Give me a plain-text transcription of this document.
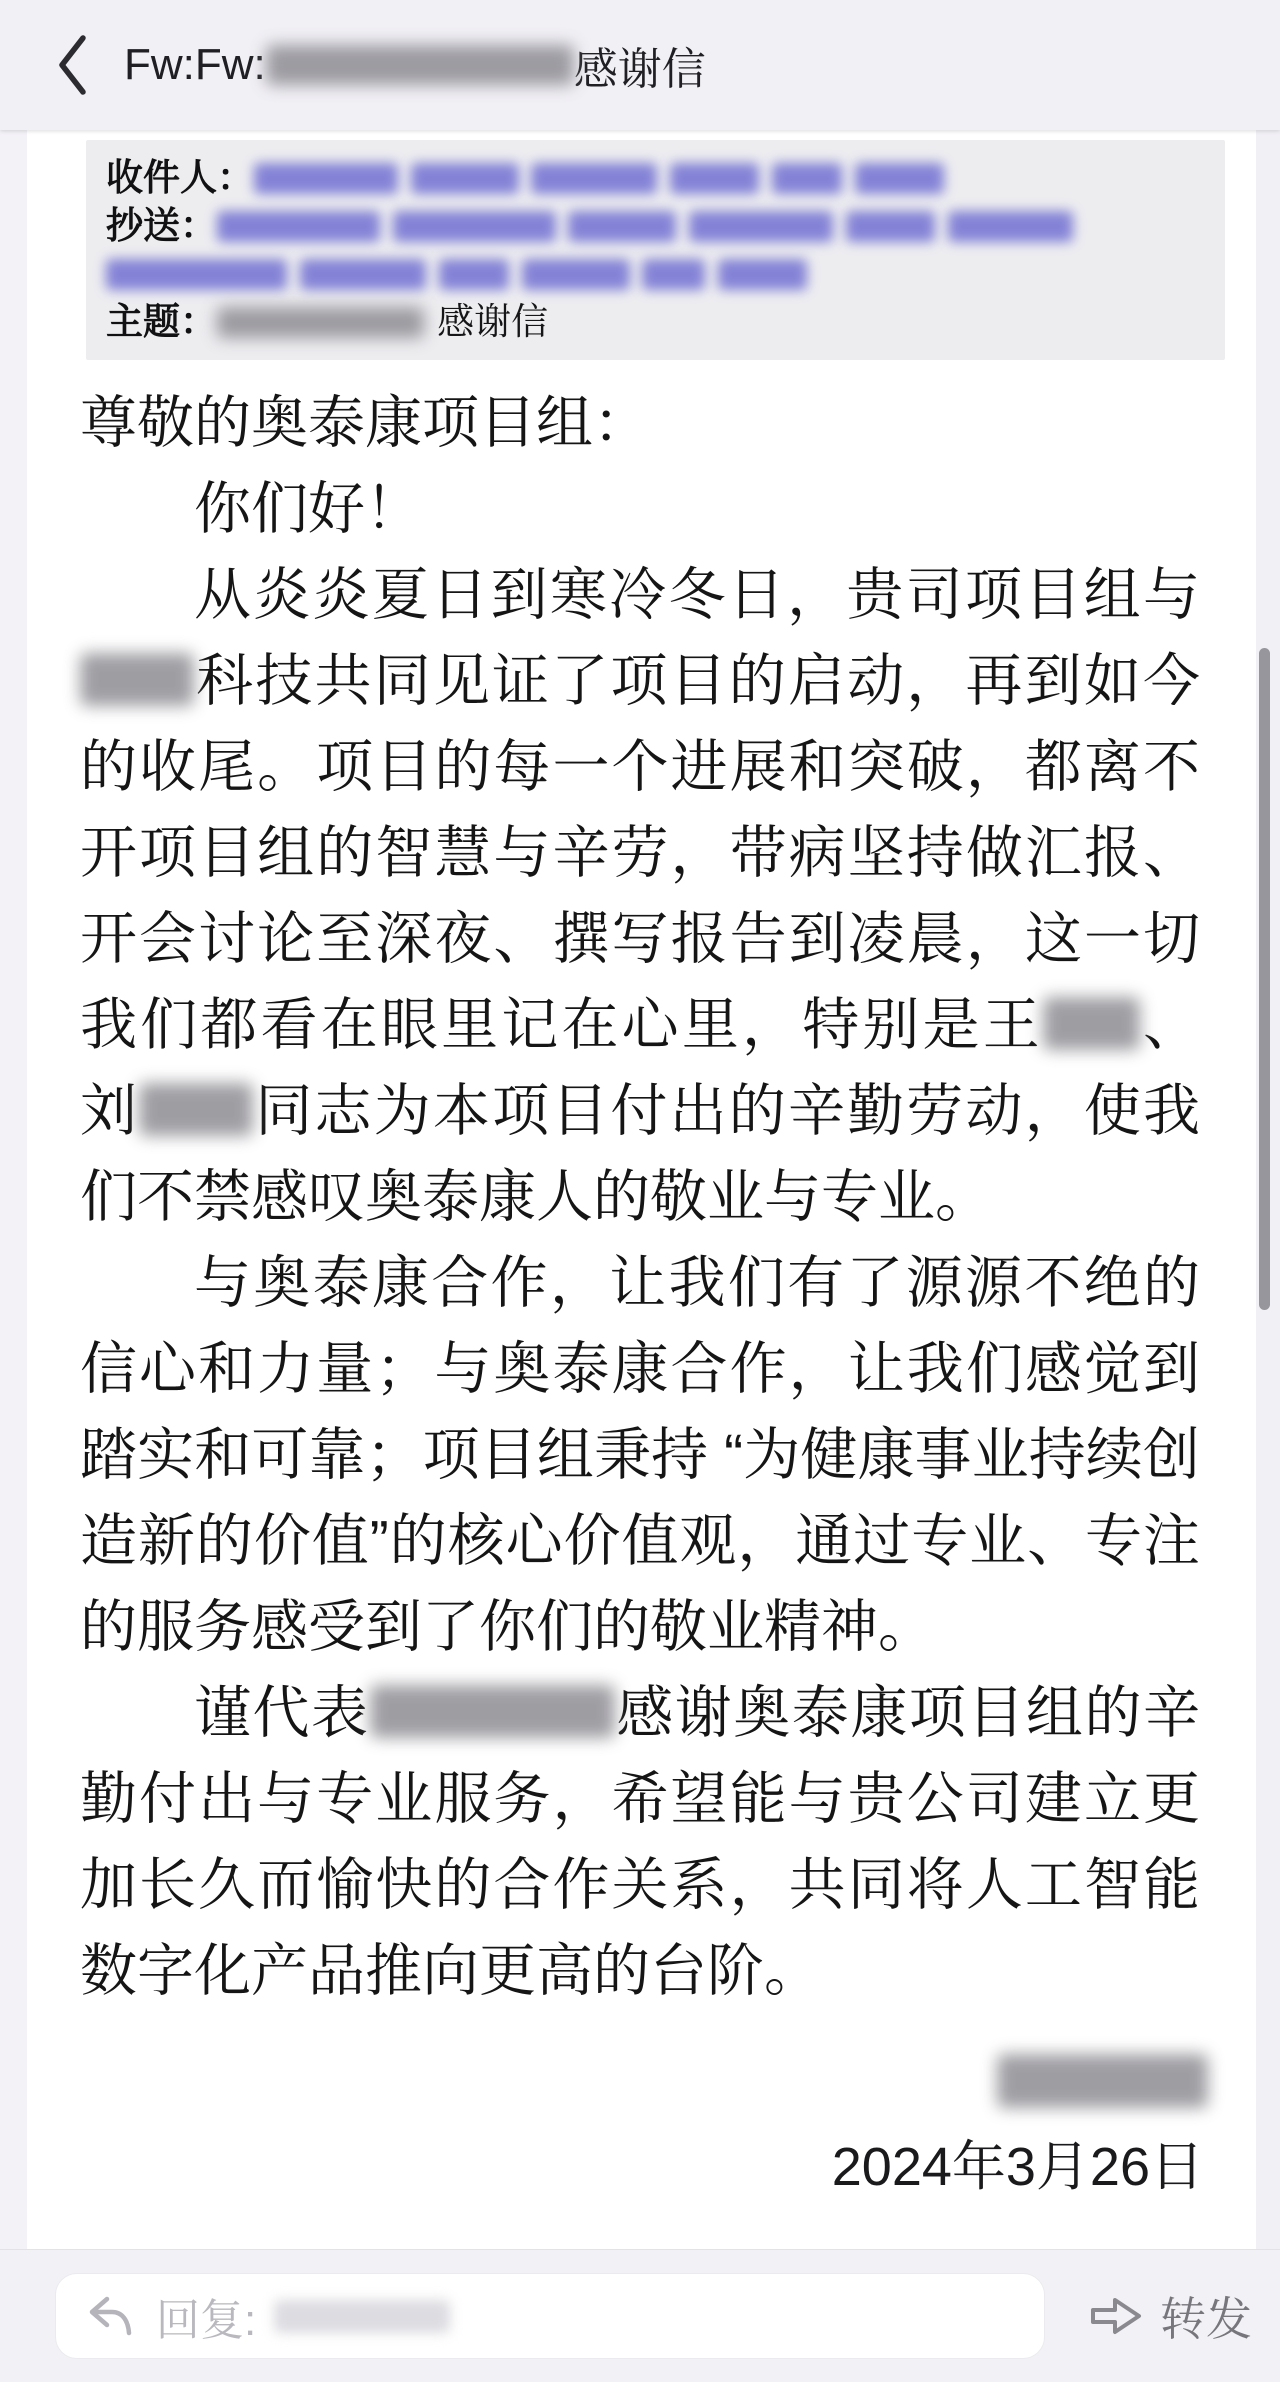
Fw:Fw:	感谢信

收件人：

抄送：

主题：	感谢信

尊敬的奥泰康项目组：

你们好！

从炎炎夏日到寒冷冬日，贵司项目组与科技共同见证了项目的启动，再到如今的收尾。项目的每一个进展和突破，都离不开项目组的智慧与辛劳，带病坚持做汇报、开会讨论至深夜、撰写报告到凌晨，这一切我们都看在眼里记在心里，特别是王 、刘 同志为本项目付出的辛勤劳动，使我们不禁感叹奥泰康人的敬业与专业。

与奥泰康合作，让我们有了源源不绝的信心和力量；与奥泰康合作，让我们感觉到踏实和可靠；项目组秉持 “为健康事业持续创造新的价值”的核心价值观，通过专业、专注的服务感受到了你们的敬业精神。

谨代表	感谢奥泰康项目组的辛勤付出与专业服务，希望能与贵公司建立更加长久而愉快的合作关系，共同将人工智能数字化产品推向更高的台阶。

2024年3月26日
回复:	转发
